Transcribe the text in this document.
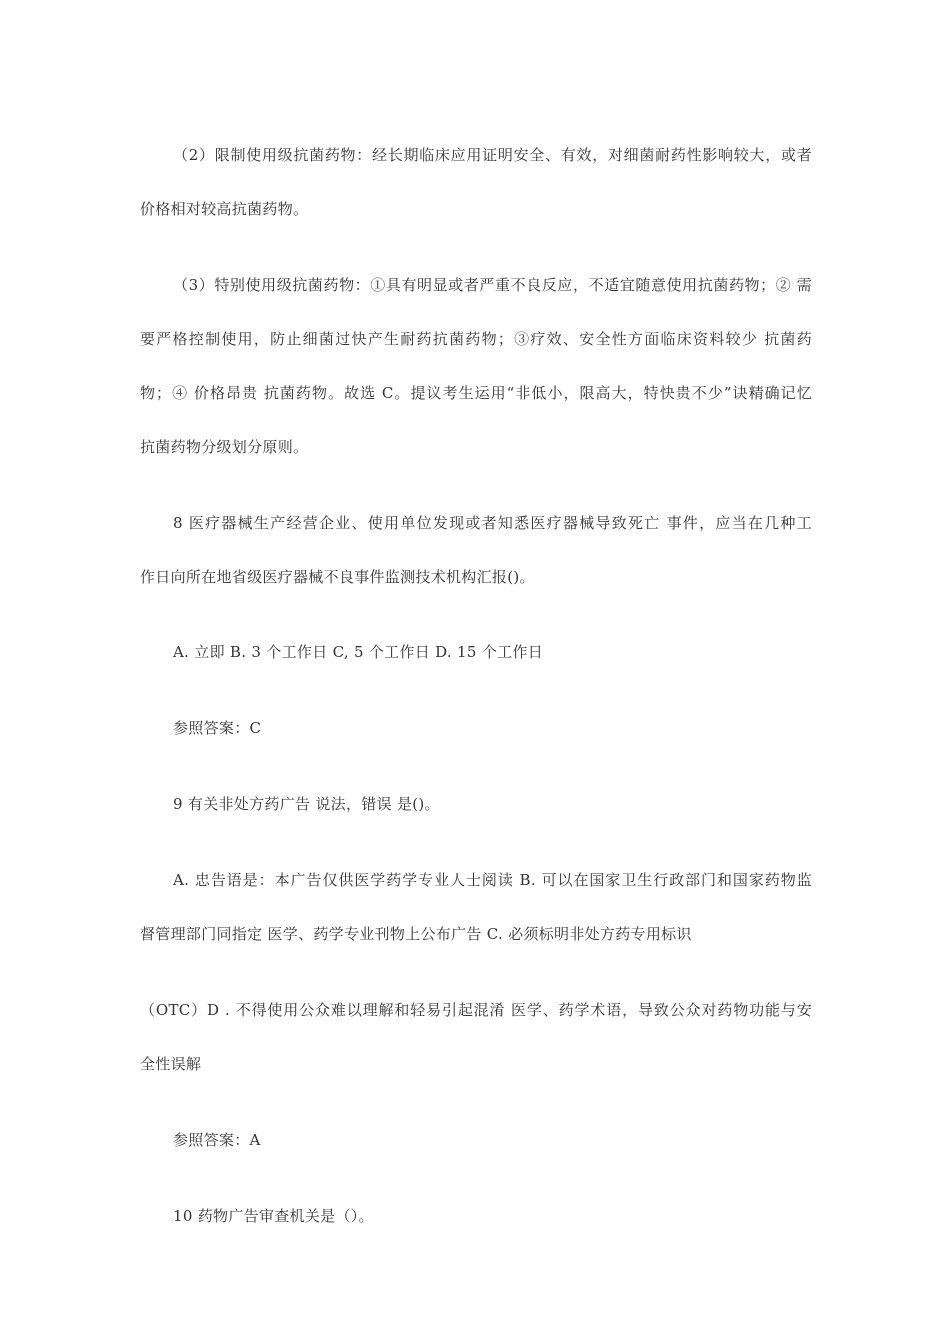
（2）限制使用级抗菌药物：经长期临床应用证明安全、有效，对细菌耐药性影响较大，或者
价格相对较高抗菌药物。
（3）特别使用级抗菌药物：①具有明显或者严重不良反应，不适宜随意使用抗菌药物；② 需
要严格控制使用，防止细菌过快产生耐药抗菌药物；③疗效、安全性方面临床资料较少 抗菌药
物；④ 价格昂贵 抗菌药物。故选 C。提议考生运用“非低小，限高大，特快贵不少”诀精确记忆
抗菌药物分级划分原则。
8 医疗器械生产经营企业、使用单位发现或者知悉医疗器械导致死亡 事件，应当在几种工
作日向所在地省级医疗器械不良事件监测技术机构汇报()。
A. 立即 B. 3 个工作日 C, 5 个工作日 D. 15 个工作日
参照答案：C
9 有关非处方药广告 说法，错误 是()。
A. 忠告语是：本广告仅供医学药学专业人士阅读 B. 可以在国家卫生行政部门和国家药物监
督管理部门同指定 医学、药学专业刊物上公布广告 C. 必须标明非处方药专用标识
（OTC）D . 不得使用公众难以理解和轻易引起混淆 医学、药学术语，导致公众对药物功能与安
全性误解
参照答案：A
10 药物广告审查机关是（）。
